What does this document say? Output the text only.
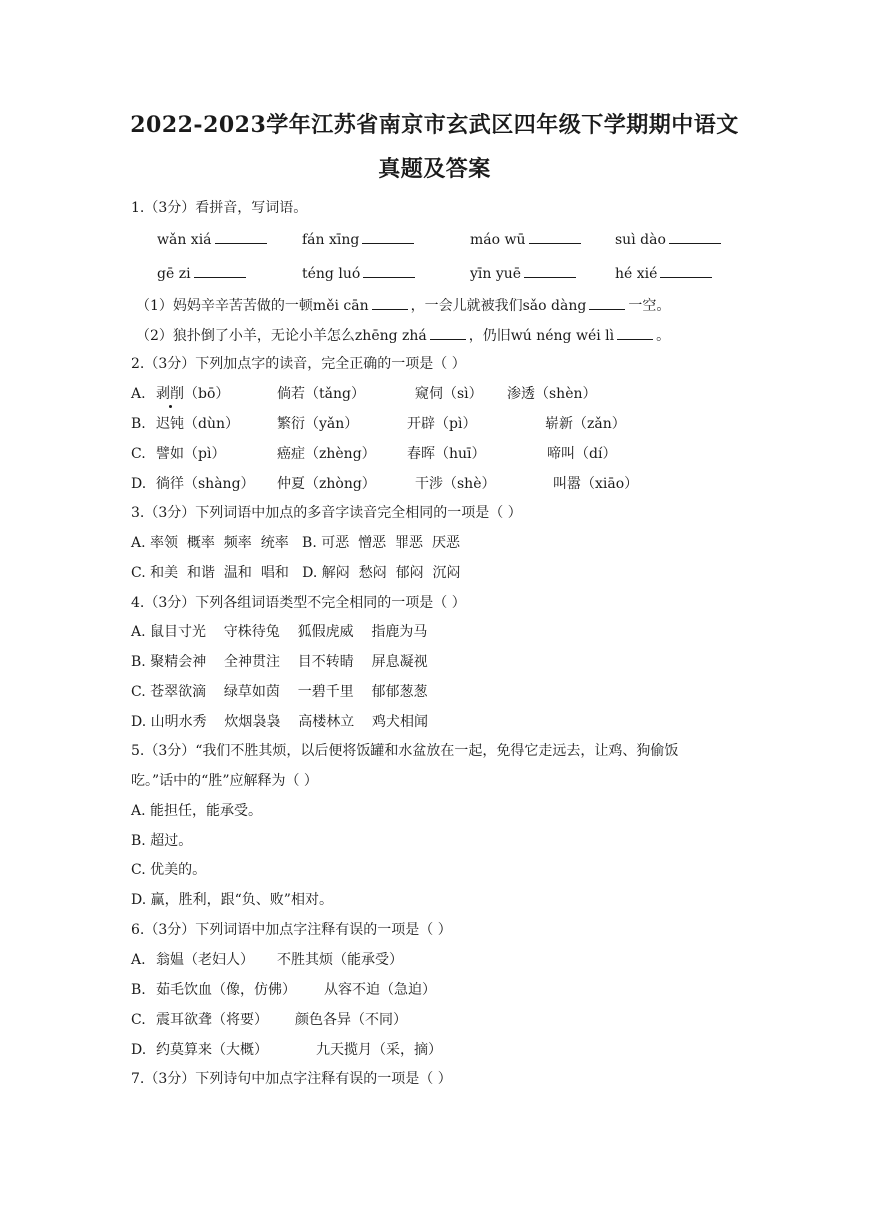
2022-2023学年江苏省南京市玄武区四年级下学期期中语文
真题及答案
1.（3分）看拼音，写词语。
wǎn xiá	fán xīng	máo wū	suì dào
gē zi	téng luó	yīn yuē	hé xié
（1）妈妈辛辛苦苦做的一顿měi cān	，一会儿就被我们sǎo dàng	一空。
（2）狼扑倒了小羊，无论小羊怎么zhēng zhá	，仍旧wú néng wéi lì	。
2.（3分）下列加点字的读音，完全正确的一项是（ ）
A. 剥削（bō）	倘若（tǎng）	窥伺（sì） 渗透（shèn）
B. 迟钝（dùn）	繁衍（yǎn）	开辟（pì）	崭新（zǎn）
C. 譬如（pì）	癌症（zhèng） 春晖（huī）	啼叫（dí）
D. 徜徉（shàng） 仲夏（zhòng）	干涉（shè）	叫嚣（xiāo）
3.（3分）下列词语中加点的多音字读音完全相同的一项是（ ）
A. 率领  概率  频率  统率   B. 可恶  憎恶  罪恶  厌恶
C. 和美  和谐  温和  唱和   D. 解闷  愁闷  郁闷  沉闷
4.（3分）下列各组词语类型不完全相同的一项是（ ）
A. 鼠目寸光    守株待兔    狐假虎威    指鹿为马
B. 聚精会神    全神贯注    目不转睛    屏息凝视
C. 苍翠欲滴    绿草如茵    一碧千里    郁郁葱葱
D. 山明水秀    炊烟袅袅    高楼林立    鸡犬相闻
5.（3分）“我们不胜其烦，以后便将饭罐和水盆放在一起，免得它走远去，让鸡、狗偷饭
吃。”话中的“胜”应解释为（ ）
A. 能担任，能承受。
B. 超过。
C. 优美的。
D. 赢，胜利，跟“负、败”相对。
6.（3分）下列词语中加点字注释有误的一项是（ ）
A. 翁媪（老妇人） 不胜其烦（能承受）
B. 茹毛饮血（像，仿佛） 从容不迫（急迫）
C. 震耳欲聋（将要） 颜色各异（不同）
D. 约莫算来（大概）	九天揽月（采，摘）
7.（3分）下列诗句中加点字注释有误的一项是（ ）
